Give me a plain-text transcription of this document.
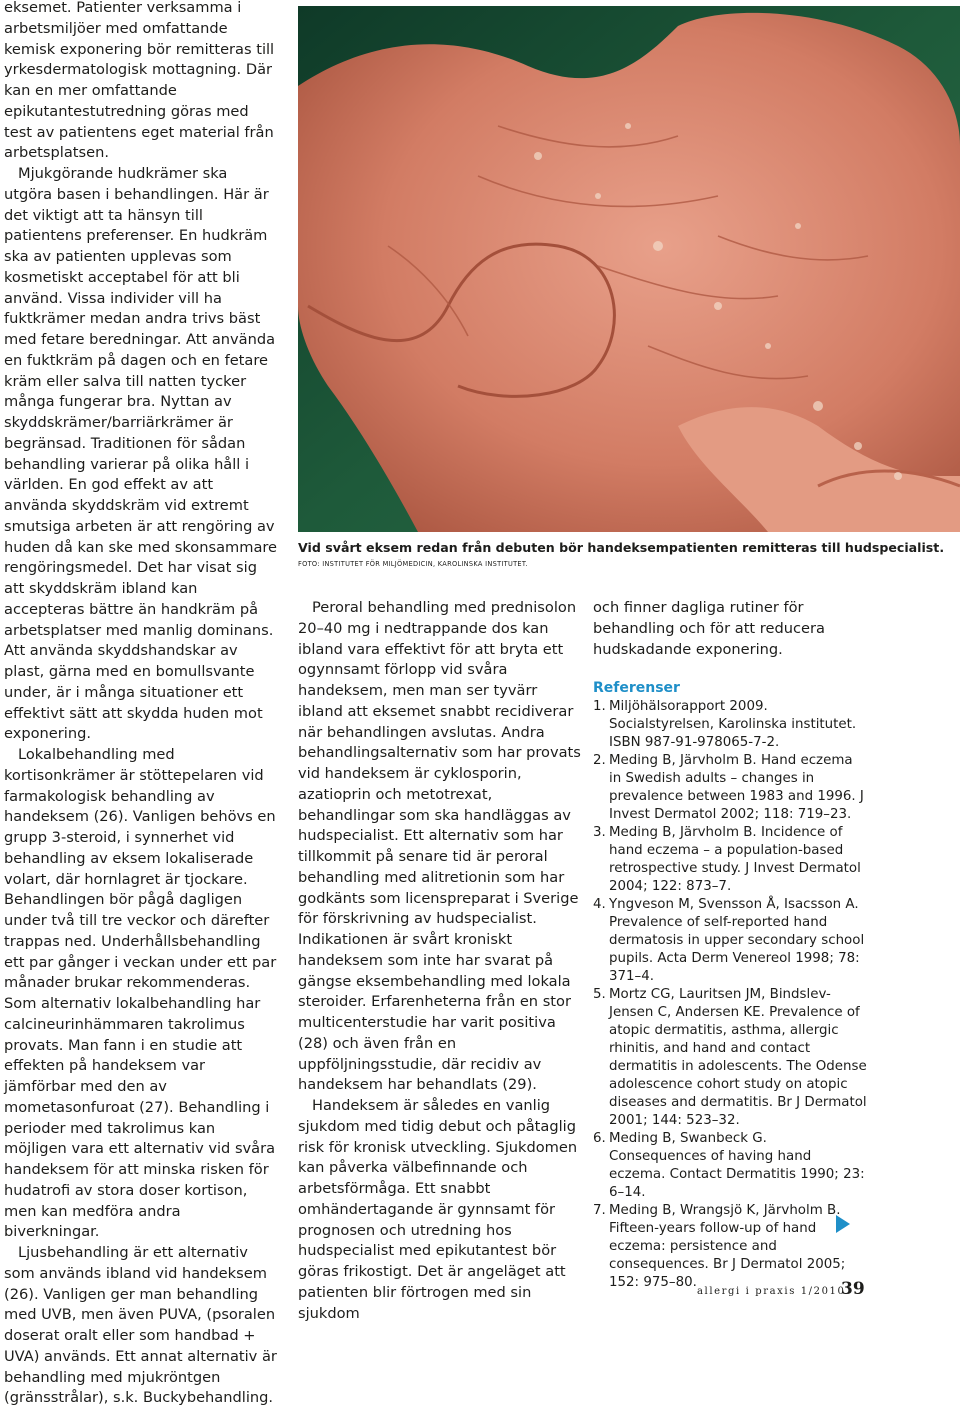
eksemet. Patienter verksamma i arbetsmiljöer med omfattande kemisk exponering bör remitteras till yrkesdermatologisk mottagning. Där kan en mer omfattande epikutantestutredning göras med test av patientens eget material från arbetsplatsen.

Mjukgörande hudkrämer ska utgöra basen i behandlingen. Här är det viktigt att ta hänsyn till patientens preferenser. En hudkräm ska av patienten upplevas som kosmetiskt acceptabel för att bli använd. Vissa individer vill ha fuktkrämer medan andra trivs bäst med fetare beredningar. Att använda en fuktkräm på dagen och en fetare kräm eller salva till natten tycker många fungerar bra. Nyttan av skyddskrämer/barriärkrämer är begränsad. Traditionen för sådan behandling varierar på olika håll i världen. En god effekt av att använda skyddskräm vid extremt smutsiga arbeten är att rengöring av huden då kan ske med skonsammare rengöringsmedel. Det har visat sig att skyddskräm ibland kan accepteras bättre än handkräm på arbetsplatser med manlig dominans. Att använda skyddshandskar av plast, gärna med en bomullsvante under, är i många situationer ett effektivt sätt att skydda huden mot exponering.

Lokalbehandling med kortisonkrämer är stöttepelaren vid farmakologisk behandling av handeksem (26). Vanligen behövs en grupp 3-steroid, i synnerhet vid behandling av eksem lokaliserade volart, där hornlagret är tjockare. Behandlingen bör pågå dagligen under två till tre veckor och därefter trappas ned. Underhållsbehandling ett par gånger i veckan under ett par månader brukar rekommenderas. Som alternativ lokalbehandling har calcineurinhämmaren takrolimus provats. Man fann i en studie att effekten på handeksem var jämförbar med den av mometasonfuroat (27). Behandling i perioder med takrolimus kan möjligen vara ett alternativ vid svåra handeksem för att minska risken för hudatrofi av stora doser kortison, men kan medföra andra biverkningar.

Ljusbehandling är ett alternativ som används ibland vid handeksem (26). Vanligen ger man behandling med UVB, men även PUVA, (psoralen doserat oralt eller som handbad + UVA) används. Ett annat alternativ är behandling med mjukröntgen (gränsstrålar), s.k. Buckybehandling.

Vid svårt eksem redan från debuten bör handeksempatienten remitteras till hudspecialist.
FOTO: INSTITUTET FÖR MILJÖMEDICIN, KAROLINSKA INSTITUTET.

Peroral behandling med prednisolon 20–40 mg i nedtrappande dos kan ibland vara effektivt för att bryta ett ogynnsamt förlopp vid svåra handeksem, men man ser tyvärr ibland att eksemet snabbt recidiverar när behandlingen avslutas. Andra behandlingsalternativ som har provats vid handeksem är cyklosporin, azatioprin och metotrexat, behandlingar som ska handläggas av hudspecialist. Ett alternativ som har tillkommit på senare tid är peroral behandling med alitretionin som har godkänts som licenspreparat i Sverige för förskrivning av hudspecialist. Indikationen är svårt kroniskt handeksem som inte har svarat på gängse eksembehandling med lokala steroider. Erfarenheterna från en stor multicenterstudie har varit positiva (28) och även från en uppföljningsstudie, där recidiv av handeksem har behandlats (29).

Handeksem är således en vanlig sjukdom med tidig debut och påtaglig risk för kronisk utveckling. Sjukdomen kan påverka välbefinnande och arbetsförmåga. Ett snabbt omhändertagande är gynnsamt för prognosen och utredning hos hudspecialist med epikutantest bör göras frikostigt. Det är angeläget att patienten blir förtrogen med sin sjukdom

och finner dagliga rutiner för behandling och för att reducera hudskadande exponering.

Referenser
1. Miljöhälsorapport 2009. Socialstyrelsen, Karolinska institutet. ISBN 987-91-978065-7-2.
2. Meding B, Järvholm B. Hand eczema in Swedish adults – changes in prevalence between 1983 and 1996. J Invest Dermatol 2002; 118: 719–23.
3. Meding B, Järvholm B. Incidence of hand eczema – a population-based retrospective study. J Invest Dermatol 2004; 122: 873–7.
4. Yngveson M, Svensson Å, Isacsson A. Prevalence of self-reported hand dermatosis in upper secondary school pupils. Acta Derm Venereol 1998; 78: 371–4.
5. Mortz CG, Lauritsen JM, Bindslev-Jensen C, Andersen KE. Prevalence of atopic dermatitis, asthma, allergic rhinitis, and hand and contact dermatitis in adolescents. The Odense adolescence cohort study on atopic diseases and dermatitis. Br J Dermatol 2001; 144: 523–32.
6. Meding B, Swanbeck G. Consequences of having hand eczema. Contact Dermatitis 1990; 23: 6–14.
7. Meding B, Wrangsjö K, Järvholm B. Fifteen-years follow-up of hand eczema: persistence and consequences. Br J Dermatol 2005; 152: 975–80.
allergi i praxis 1/2010
39
